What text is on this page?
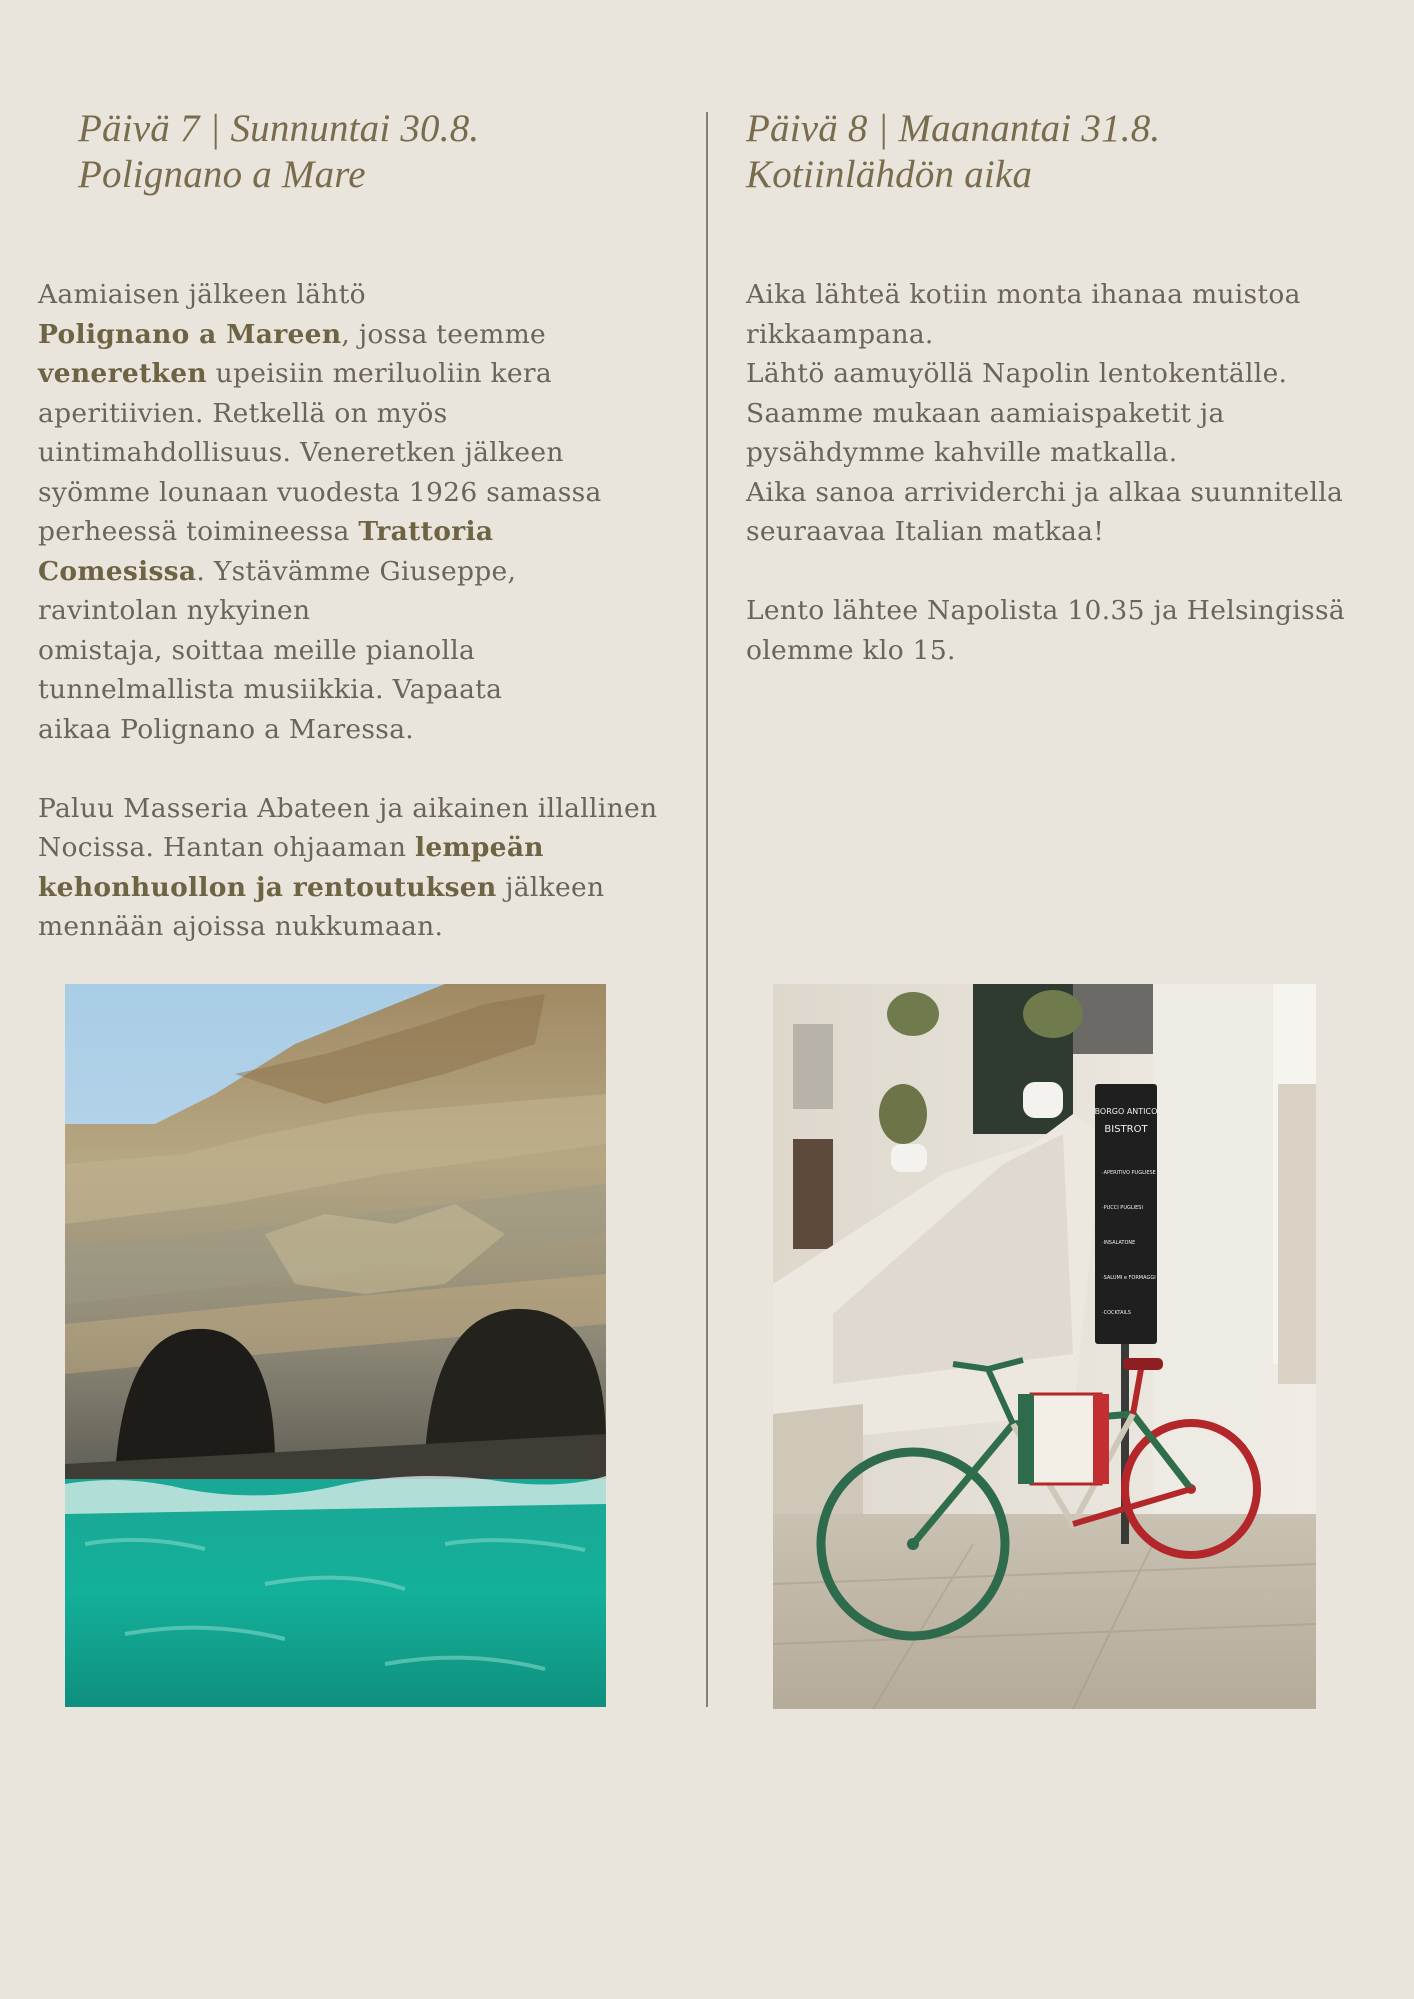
Päivä 7 | Sunnuntai 30.8.
Polignano a Mare
Aamiaisen jälkeen lähtö
Polignano a Mareen, jossa teemme
veneretken upeisiin meriluoliin kera
aperitiivien. Retkellä on myös
uintimahdollisuus. Veneretken jälkeen
syömme lounaan vuodesta 1926 samassa
perheessä toimineessa Trattoria
Comesissa. Ystävämme Giuseppe,
ravintolan nykyinen
omistaja, soittaa meille pianolla
tunnelmallista musiikkia. Vapaata
aikaa Polignano a Maressa.
Paluu Masseria Abateen ja aikainen illallinen
Nocissa. Hantan ohjaaman lempeän
kehonhuollon ja rentoutuksen jälkeen
mennään ajoissa nukkumaan.
Päivä 8 | Maanantai 31.8.
Kotiinlähdön aika
Aika lähteä kotiin monta ihanaa muistoa
rikkaampana.
Lähtö aamuyöllä Napolin lentokentälle.
Saamme mukaan aamiaispaketit ja
pysähdymme kahville matkalla.
Aika sanoa arrividerchi ja alkaa suunnitella
seuraavaa Italian matkaa!
Lento lähtee Napolista 10.35 ja Helsingissä
olemme klo 15.
BORGO ANTICO
BISTROT
·APERITIVO PUGLIESE
·PUCCI PUGLIESI
·INSALATONE
·SALUMI e FORMAGGI
·COCKTAILS
